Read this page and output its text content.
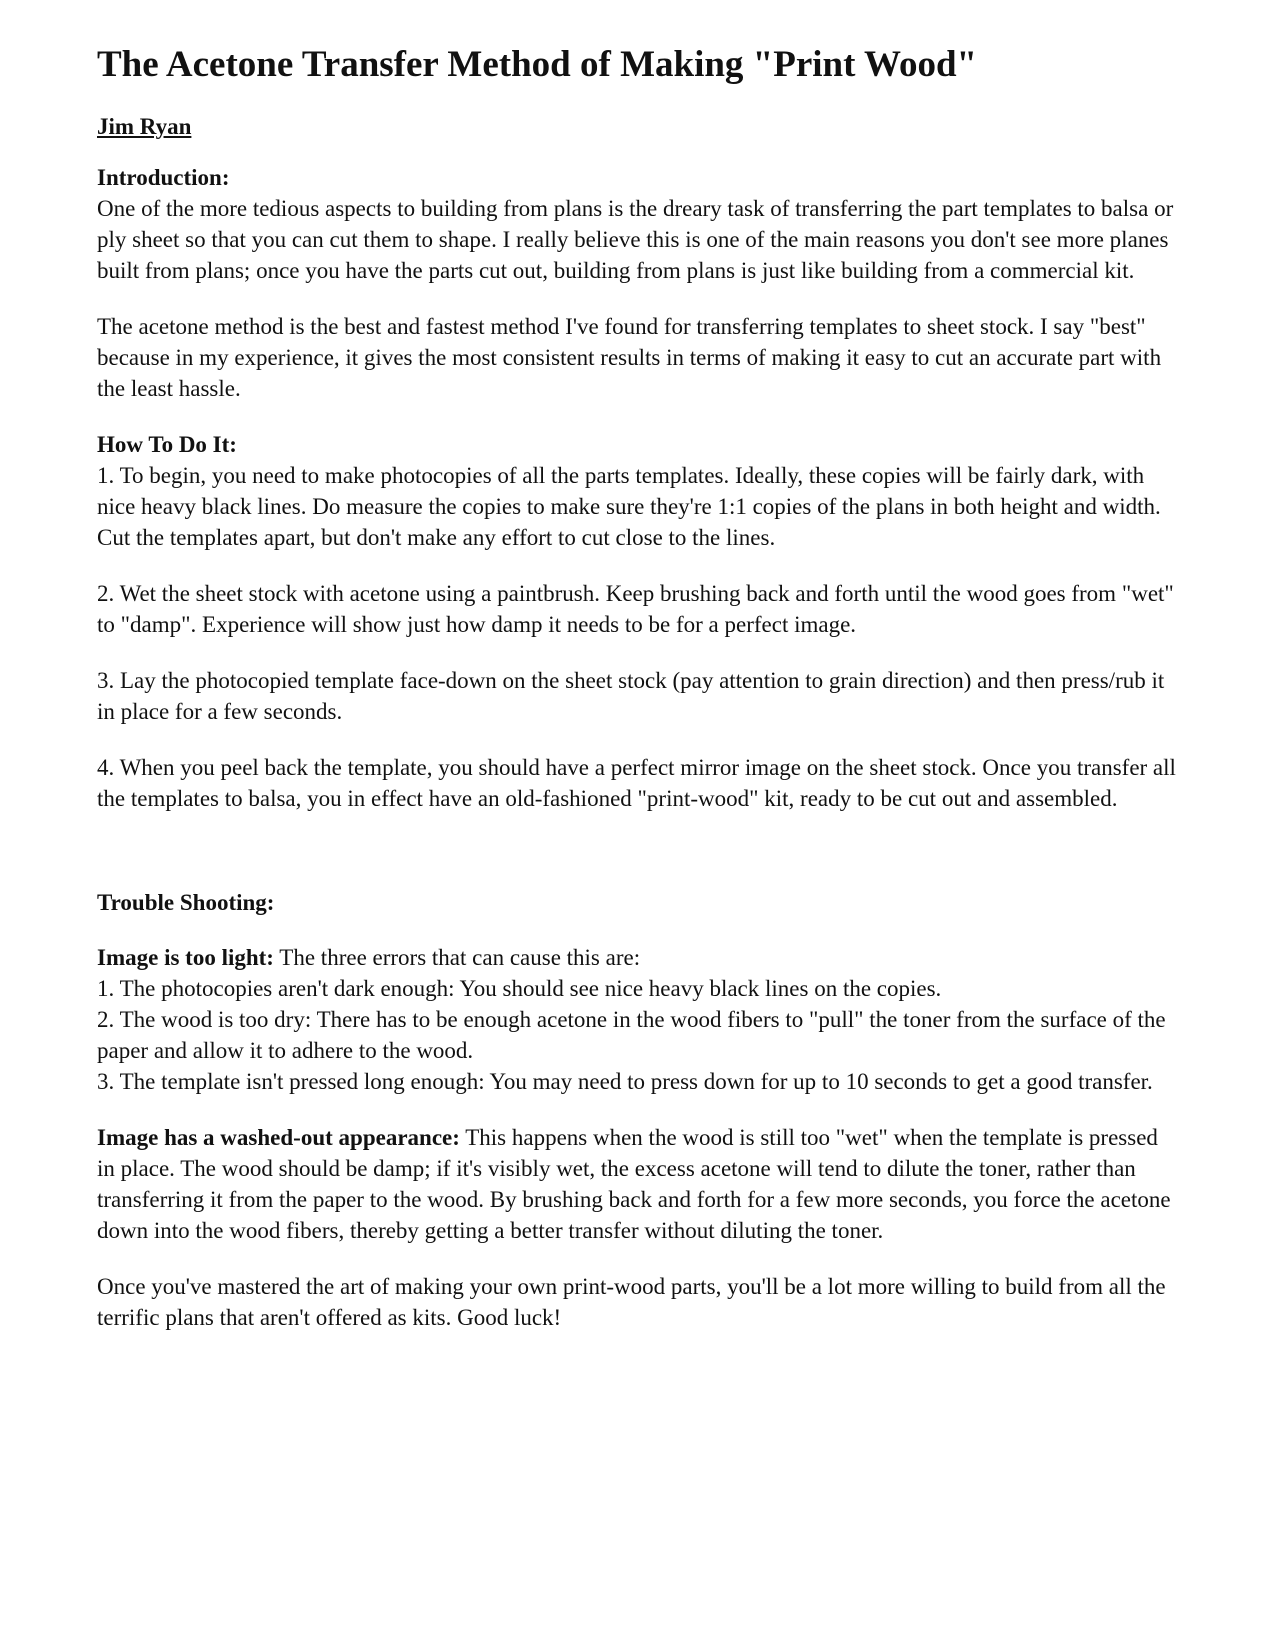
The Acetone Transfer Method of Making "Print Wood"
Jim Ryan
Introduction:

One of the more tedious aspects to building from plans is the dreary task of transferring the part templates to balsa or ply sheet so that you can cut them to shape. I really believe this is one of the main reasons you don't see more planes built from plans; once you have the parts cut out, building from plans is just like building from a commercial kit.

The acetone method is the best and fastest method I've found for transferring templates to sheet stock. I say "best" because in my experience, it gives the most consistent results in terms of making it easy to cut an accurate part with the least hassle.

How To Do It:

1. To begin, you need to make photocopies of all the parts templates. Ideally, these copies will be fairly dark, with nice heavy black lines. Do measure the copies to make sure they're 1:1 copies of the plans in both height and width. Cut the templates apart, but don't make any effort to cut close to the lines.

2. Wet the sheet stock with acetone using a paintbrush. Keep brushing back and forth until the wood goes from "wet" to "damp". Experience will show just how damp it needs to be for a perfect image.

3. Lay the photocopied template face-down on the sheet stock (pay attention to grain direction) and then press/rub it in place for a few seconds.

4. When you peel back the template, you should have a perfect mirror image on the sheet stock. Once you transfer all the templates to balsa, you in effect have an old-fashioned "print-wood" kit, ready to be cut out and assembled.

Trouble Shooting:

Image is too light: The three errors that can cause this are:

1. The photocopies aren't dark enough: You should see nice heavy black lines on the copies.

2. The wood is too dry: There has to be enough acetone in the wood fibers to "pull" the toner from the surface of the paper and allow it to adhere to the wood.

3. The template isn't pressed long enough: You may need to press down for up to 10 seconds to get a good transfer.

Image has a washed-out appearance: This happens when the wood is still too "wet" when the template is pressed in place. The wood should be damp; if it's visibly wet, the excess acetone will tend to dilute the toner, rather than transferring it from the paper to the wood. By brushing back and forth for a few more seconds, you force the acetone down into the wood fibers, thereby getting a better transfer without diluting the toner.

Once you've mastered the art of making your own print-wood parts, you'll be a lot more willing to build from all the terrific plans that aren't offered as kits. Good luck!
